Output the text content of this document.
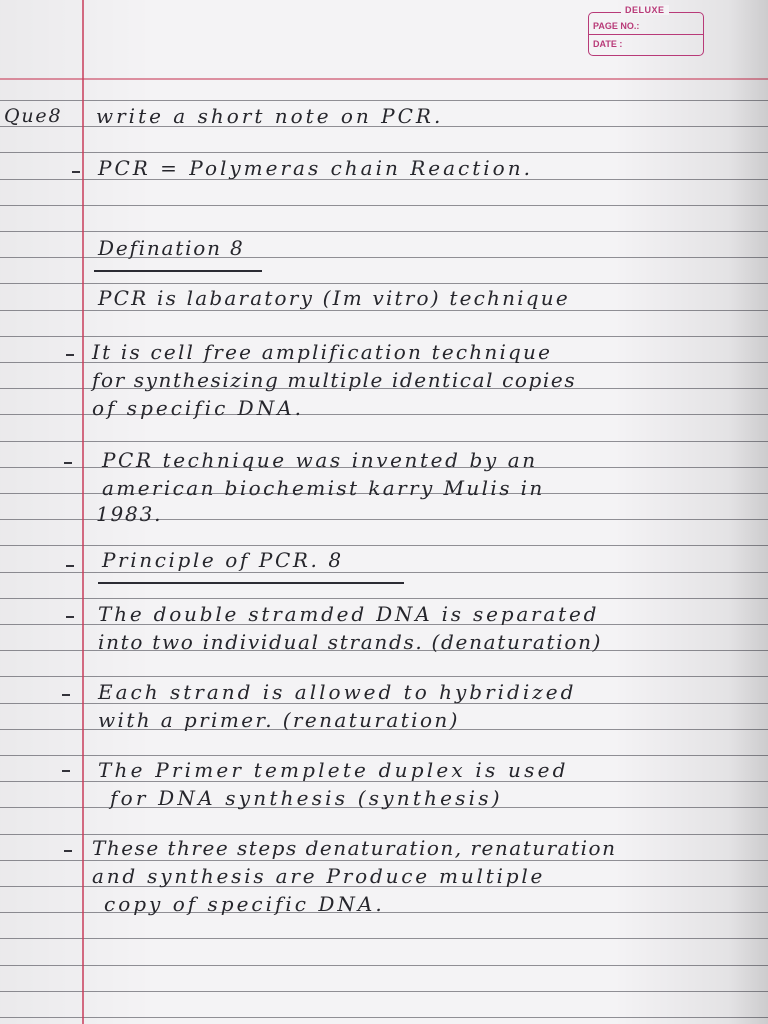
DELUXE
PAGE NO.:
DATE :
Que8 write a short note on PCR.
PCR = Polymeras chain Reaction.
Defination 8
PCR is labaratory (Im vitro) technique
It is cell free amplification technique
for synthesizing multiple identical copies
of specific DNA.
PCR technique was invented by an
american biochemist karry Mulis in
1983.
Principle of PCR. 8
The double stramded DNA is separated
into two individual strands. (denaturation)
Each strand is allowed to hybridized
with a primer. (renaturation)
The Primer templete duplex is used
for DNA synthesis (synthesis)
These three steps denaturation, renaturation
and synthesis are Produce multiple
copy of specific DNA.
